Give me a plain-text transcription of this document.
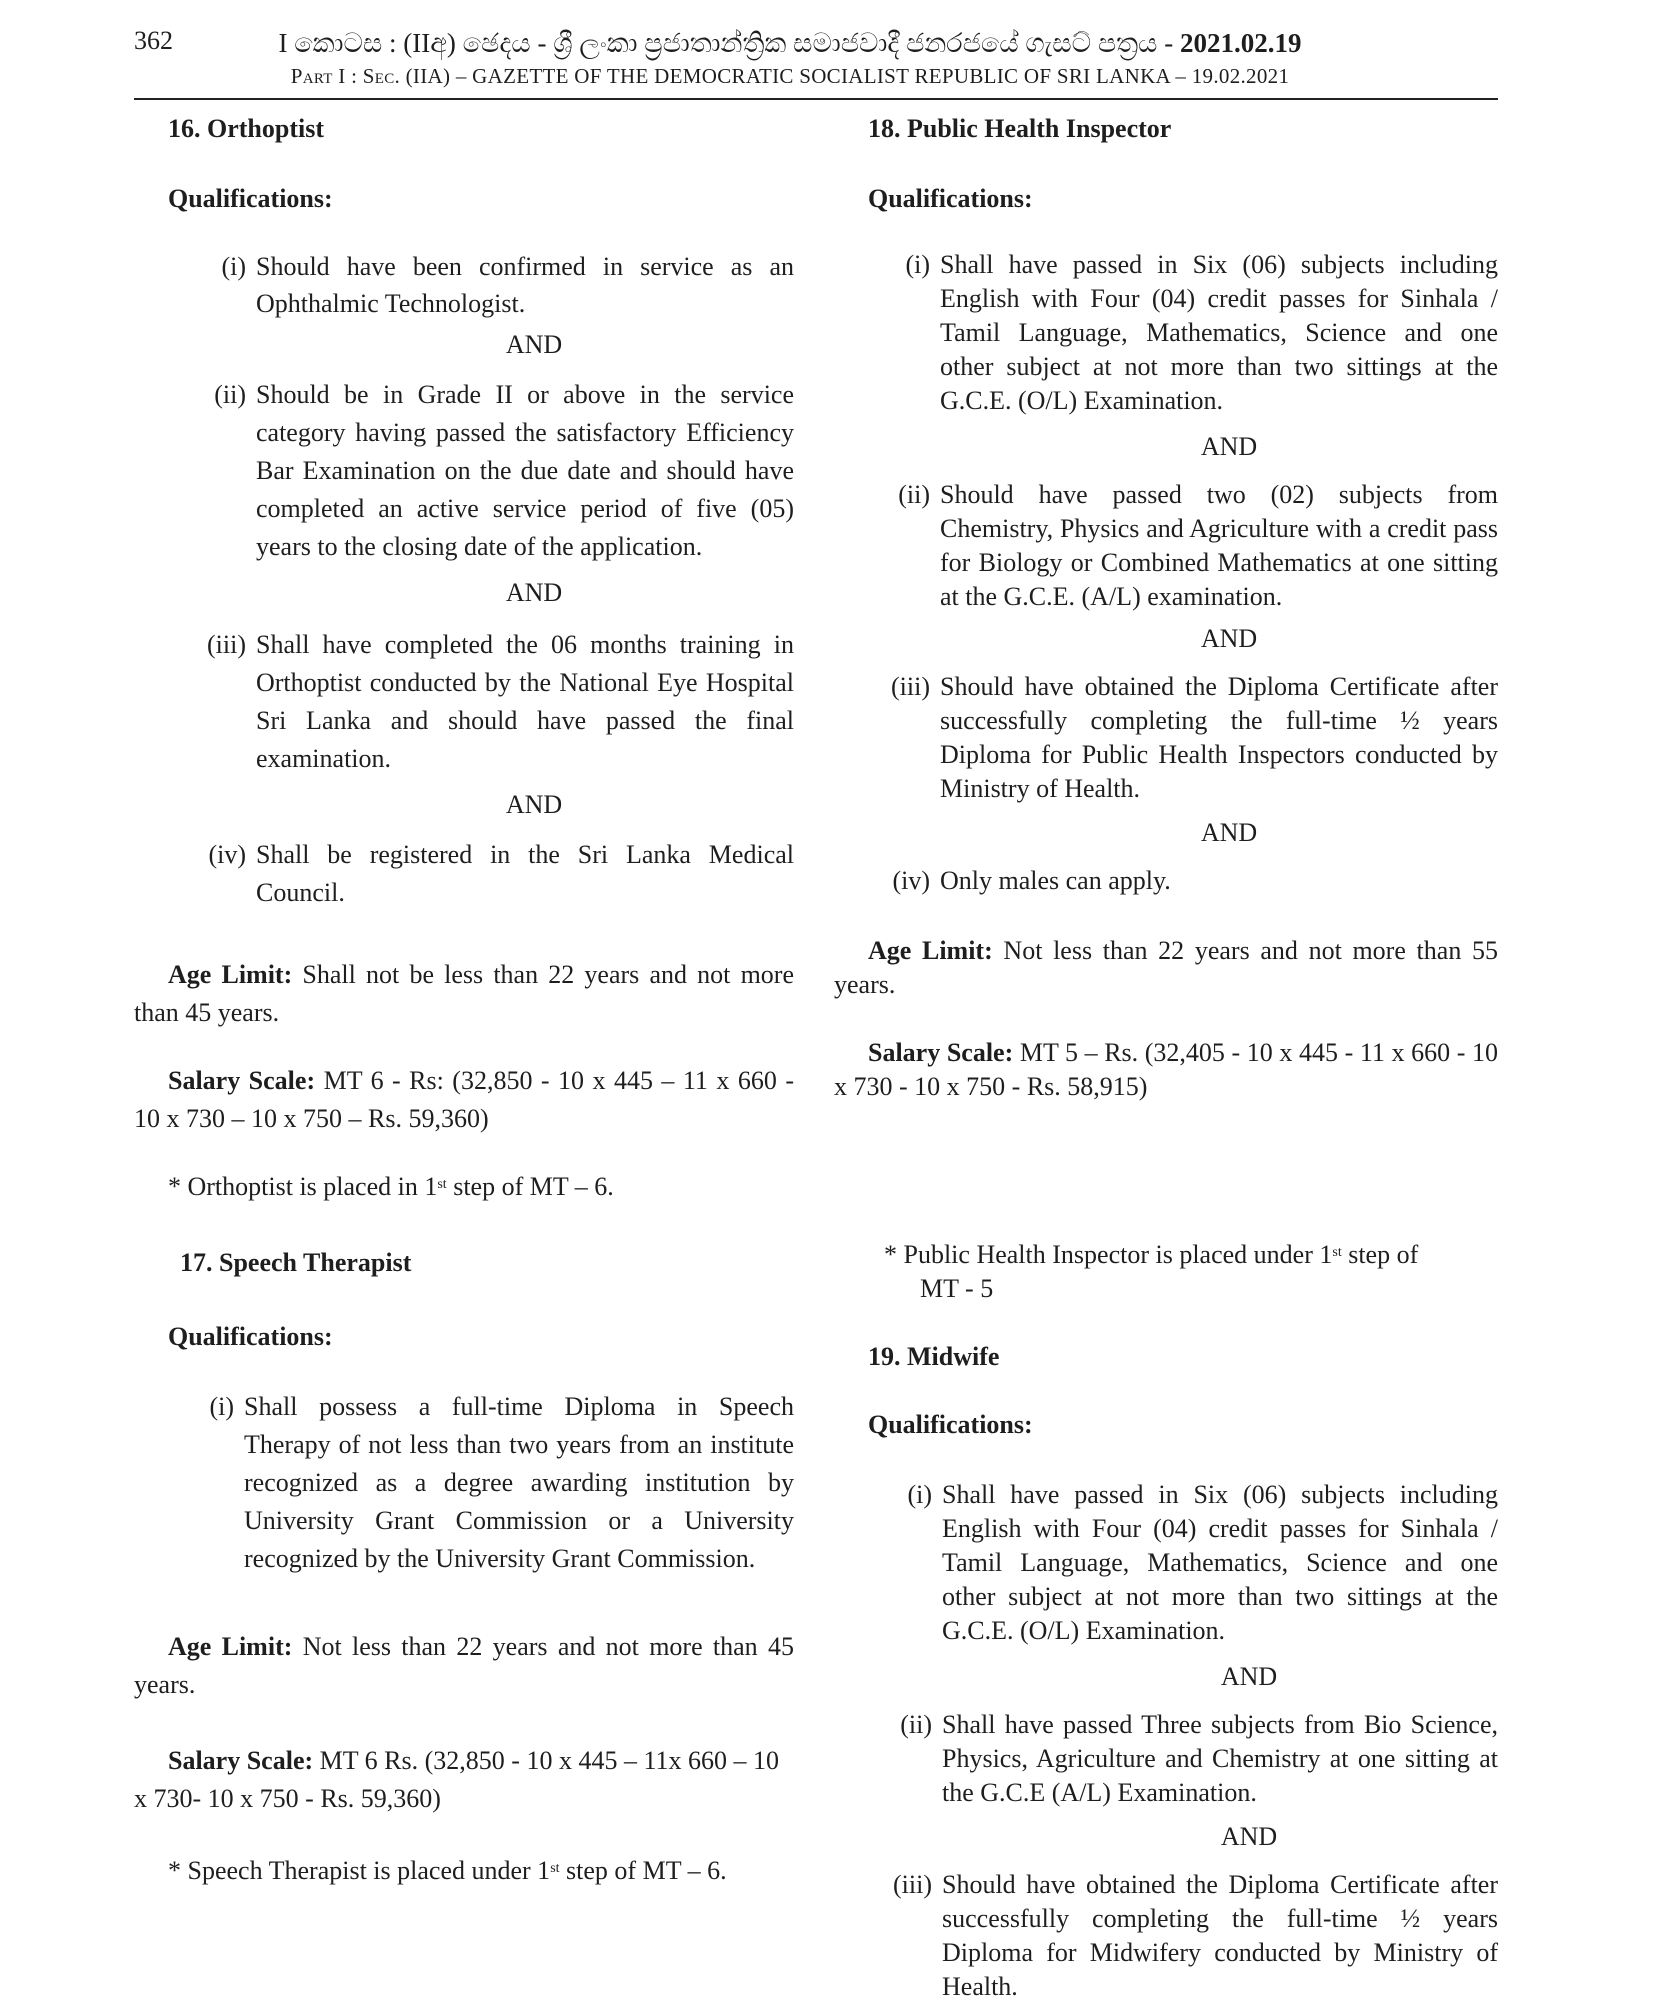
362	I කොටස : (IIඅ) ඡෙදය - ශ්‍රී ලංකා ප්‍රජාතාන්ත්‍රික සමාජවාදී ජනරජයේ ගැසට් පත්‍රය - 2021.02.19
Part I : Sec. (IIA) – GAZETTE OF THE DEMOCRATIC SOCIALIST REPUBLIC OF SRI LANKA – 19.02.2021
16. Orthoptist
Qualifications:
(i) Should have been confirmed in service as an Ophthalmic Technologist.
AND
(ii) Should be in Grade II or above in the service category having passed the satisfactory Efficiency Bar Examination on the due date and should have completed an active service period of five (05) years to the closing date of the application.
AND
(iii) Shall have completed the 06 months training in Orthoptist conducted by the National Eye Hospital Sri Lanka and should have passed the final examination.
AND
(iv) Shall be registered in the Sri Lanka Medical Council.
Age Limit: Shall not be less than 22 years and not more than 45 years.
Salary Scale: MT 6 - Rs: (32,850 - 10 x 445 – 11 x 660 - 10 x 730 – 10 x 750 – Rs. 59,360)
* Orthoptist is placed in 1st step of MT – 6.
17. Speech Therapist
Qualifications:
(i) Shall possess a full-time Diploma in Speech Therapy of not less than two years from an institute recognized as a degree awarding institution by University Grant Commission or a University recognized by the University Grant Commission.
Age Limit: Not less than 22 years and not more than 45 years.
Salary Scale: MT 6 Rs. (32,850 - 10 x 445 – 11x 660 – 10 x 730- 10 x 750 - Rs. 59,360)
* Speech Therapist is placed under 1st step of MT – 6.
18. Public Health Inspector
Qualifications:
(i) Shall have passed in Six (06) subjects including English with Four (04) credit passes for Sinhala / Tamil Language, Mathematics, Science and one other subject at not more than two sittings at the G.C.E. (O/L) Examination.
AND
(ii) Should have passed two (02) subjects from Chemistry, Physics and Agriculture with a credit pass for Biology or Combined Mathematics at one sitting at the G.C.E. (A/L) examination.
AND
(iii) Should have obtained the Diploma Certificate after successfully completing the full-time ½ years Diploma for Public Health Inspectors conducted by Ministry of Health.
AND
(iv) Only males can apply.
Age Limit: Not less than 22 years and not more than 55 years.
Salary Scale: MT 5 – Rs. (32,405 - 10 x 445 - 11 x 660 - 10 x 730 - 10 x 750 - Rs. 58,915)
* Public Health Inspector is placed under 1st step of
MT - 5
19. Midwife
Qualifications:
(i) Shall have passed in Six (06) subjects including English with Four (04) credit passes for Sinhala / Tamil Language, Mathematics, Science and one other subject at not more than two sittings at the G.C.E. (O/L) Examination.
AND
(ii) Shall have passed Three subjects from Bio Science, Physics, Agriculture and Chemistry at one sitting at the G.C.E (A/L) Examination.
AND
(iii) Should have obtained the Diploma Certificate after successfully completing the full-time ½ years Diploma for Midwifery conducted by Ministry of Health.
